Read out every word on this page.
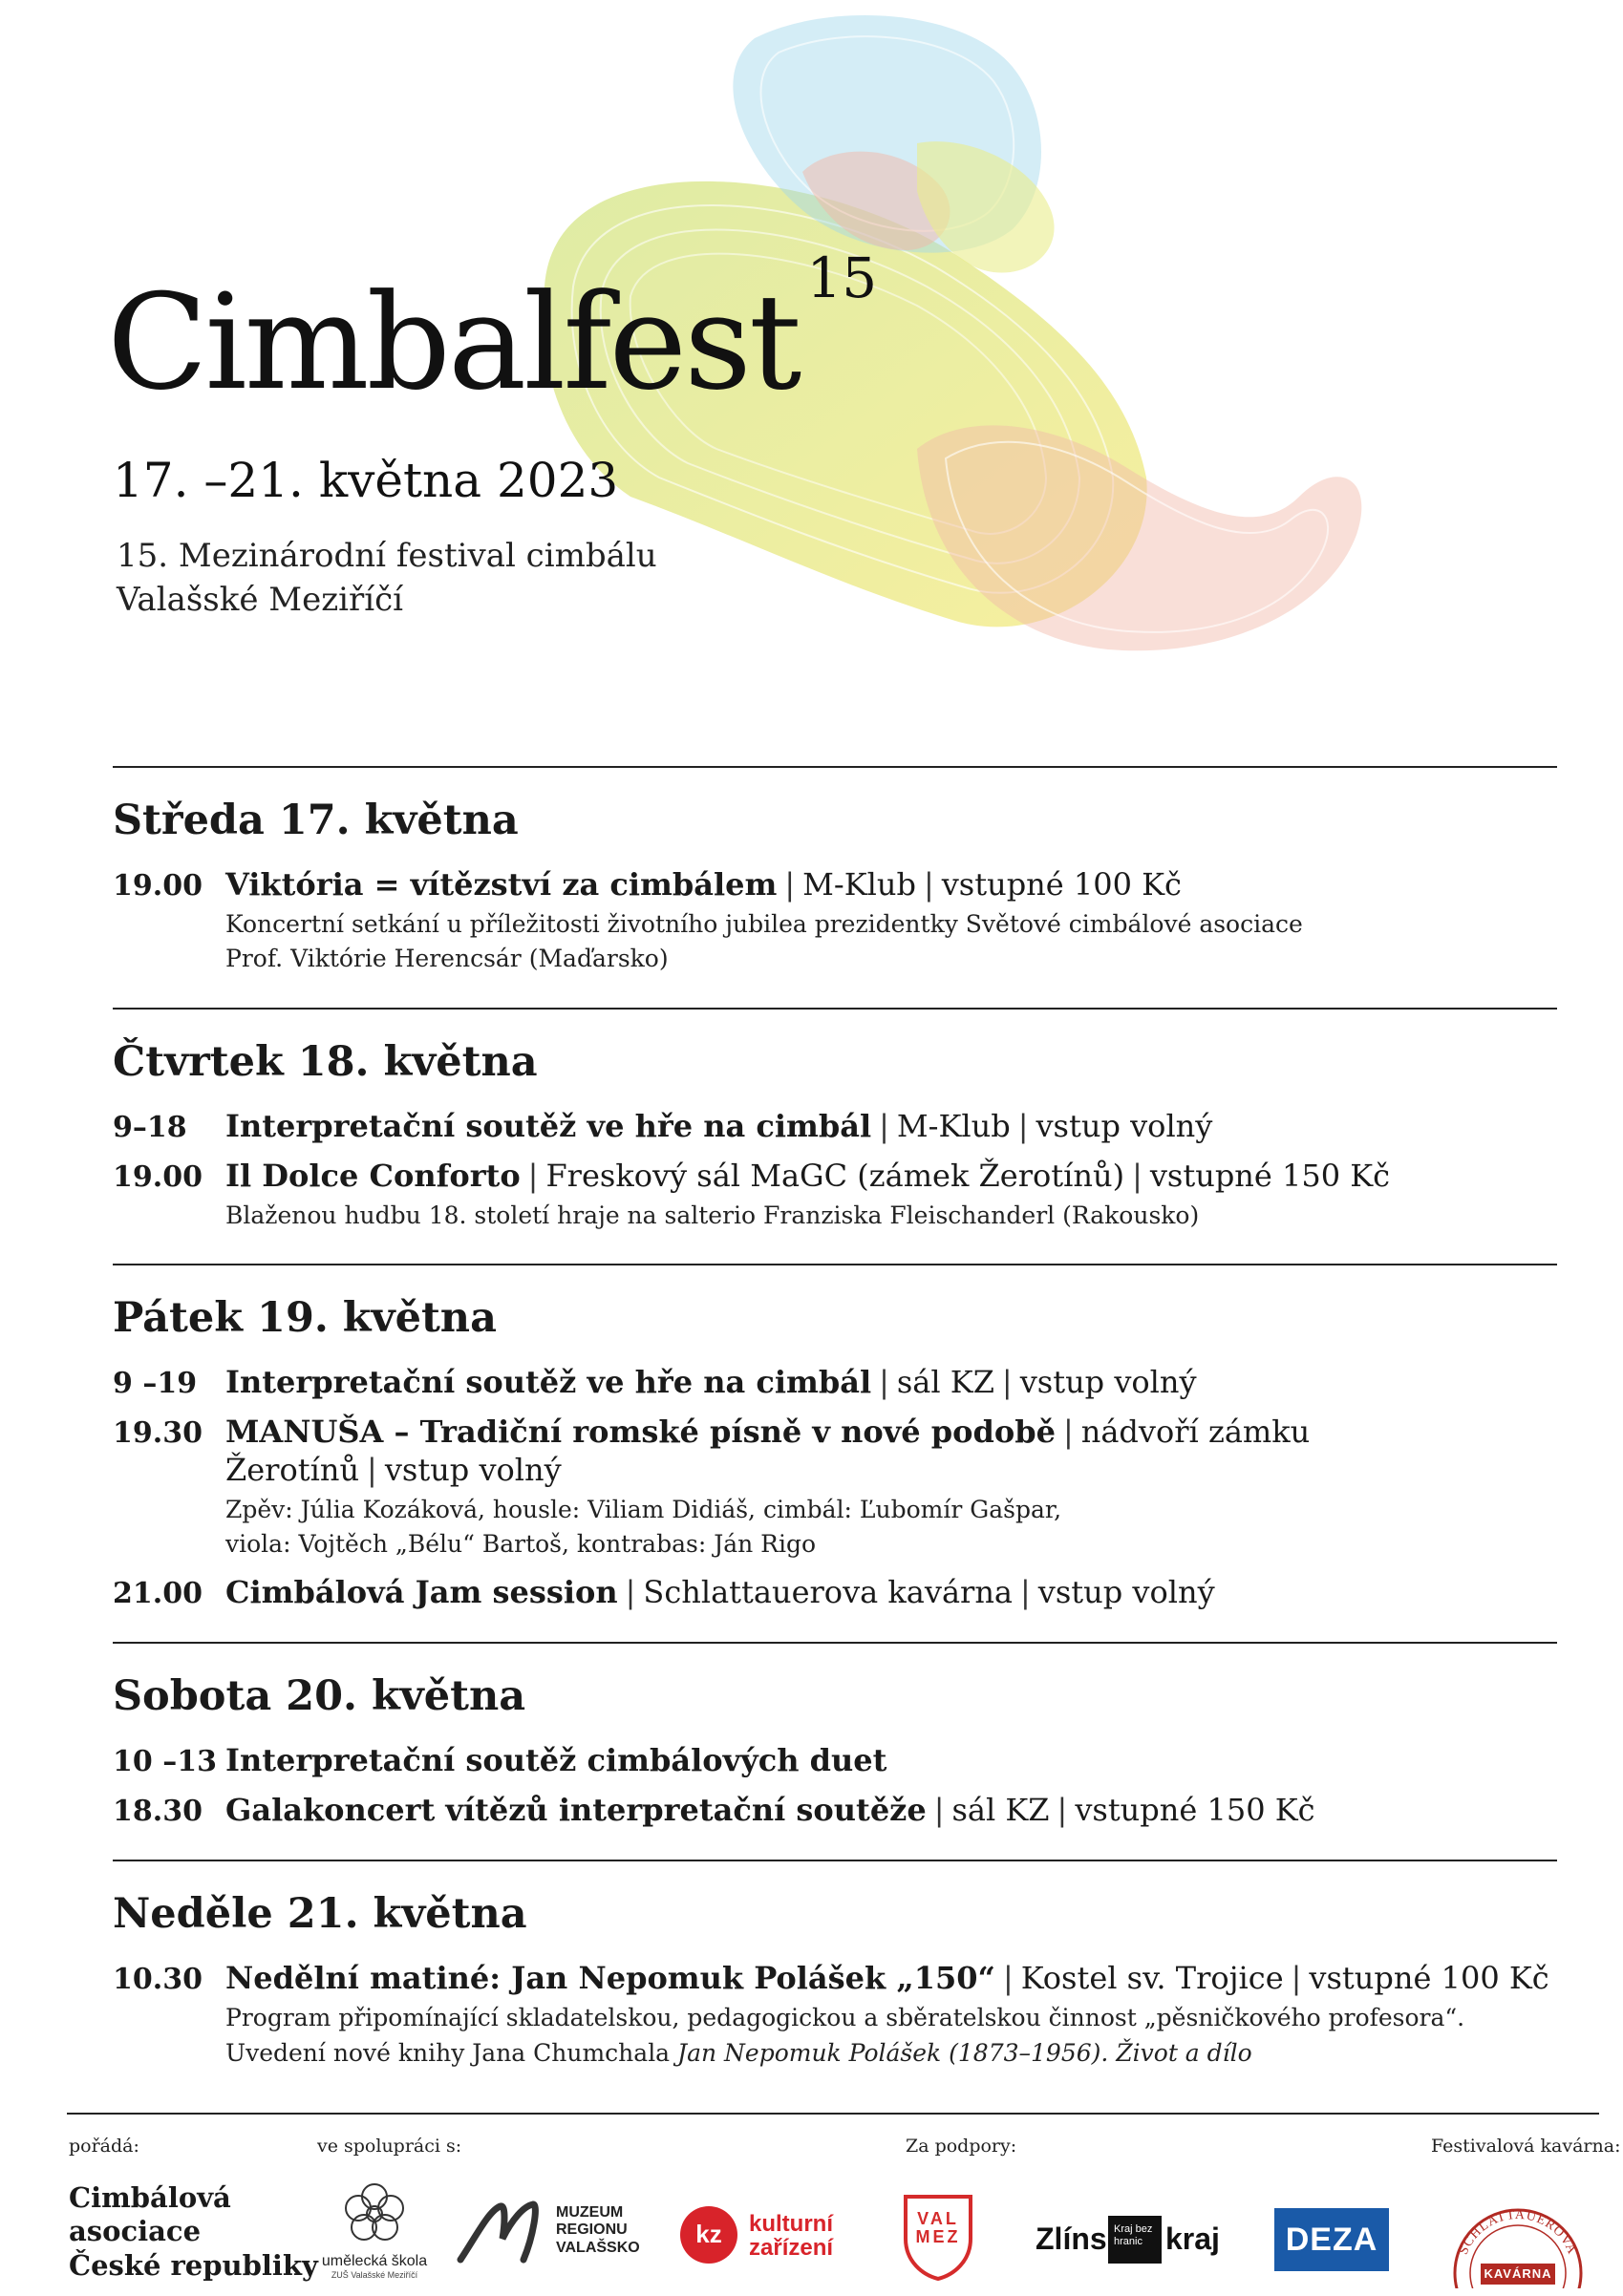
Cimbalfest $^{15}$
17. –21. května 2023
15. Mezinárodní festival cimbálu
Valašské Meziříčí
Středa 17. května
19.00 Viktória = vítězství za cimbálem | M-Klub | vstupné 100 Kč
Koncertní setkání u příležitosti životního jubilea prezidentky Světové cimbálové asociace
Prof. Viktórie Herencsár (Maďarsko)
Čtvrtek 18. května
9–18	Interpretační soutěž ve hře na cimbál | M-Klub | vstup volný
19.00 Il Dolce Conforto | Freskový sál MaGC (zámek Žerotínů) | vstupné 150 Kč
Blaženou hudbu 18. století hraje na salterio Franziska Fleischanderl (Rakousko)
Pátek 19. května
9 –19 Interpretační soutěž ve hře na cimbál | sál KZ | vstup volný
19.30 MANUŠA – Tradiční romské písně v nové podobě | nádvoří zámku Žerotínů | vstup volný
Zpěv: Júlia Kozáková, housle: Viliam Didiáš, cimbál: Ľubomír Gašpar,
viola: Vojtěch „Bélu“ Bartoš, kontrabas: Ján Rigo
21.00 Cimbálová Jam session | Schlattauerova kavárna | vstup volný
Sobota 20. května
10 –13 Interpretační soutěž cimbálových duet
18.30 Galakoncert vítězů interpretační soutěže | sál KZ | vstupné 150 Kč
Neděle 21. května
10.30 Nedělní matiné: Jan Nepomuk Polášek „150“ | Kostel sv. Trojice | vstupné 100 Kč
Program připomínající skladatelskou, pedagogickou a sběratelskou činnost „pěsničkového profesora“.
Uvedení nové knihy Jana Chumchala Jan Nepomuk Polášek (1873–1956). Život a dílo
pořádá:	ve spolupráci s:	Za podpory:	Festivalová kavárna:
Cimbálová
asociace
České republiky umělecká škola
ZUŠ Valašské Meziříčí
MUZEUM
REGIONU
VALAŠSKO	kz	kulturní
zařízení
VALMEZ Zlíns Kraj bez
hranic kraj	DEZA	SCHLATTAUEROVA
KAVÁRNA
